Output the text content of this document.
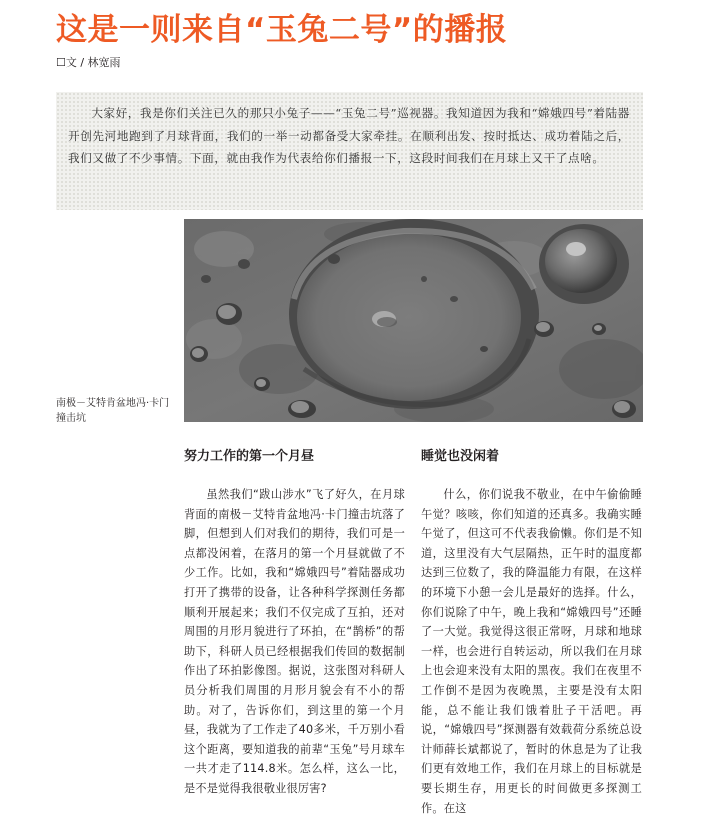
这是一则来自“玉兔二号”的播报
☐文 / 林宽雨

大家好，我是你们关注已久的那只小兔子——“玉兔二号”巡视器。我知道因为我和“嫦娥四号”着陆器开创先河地跑到了月球背面，我们的一举一动都备受大家牵挂。在顺利出发、按时抵达、成功着陆之后，我们又做了不少事情。下面，就由我作为代表给你们播报一下，这段时间我们在月球上又干了点啥。

南极－艾特肯盆地冯·卡门撞击坑
努力工作的第一个月昼	睡觉也没闲着

虽然我们“跋山涉水”飞了好久，在月球背面的南极－艾特肯盆地冯·卡门撞击坑落了脚，但想到人们对我们的期待，我们可是一点都没闲着，在落月的第一个月昼就做了不少工作。比如，我和“嫦娥四号”着陆器成功打开了携带的设备，让各种科学探测任务都顺利开展起来；我们不仅完成了互拍，还对周围的月形月貌进行了环拍，在“鹊桥”的帮助下，科研人员已经根据我们传回的数据制作出了环拍影像图。据说，这张图对科研人员分析我们周围的月形月貌会有不小的帮助。对了，告诉你们，到这里的第一个月昼，我就为了工作走了40多米，千万别小看这个距离，要知道我的前辈“玉兔”号月球车一共才走了114.8米。怎么样，这么一比，是不是觉得我很敬业很厉害?

什么，你们说我不敬业，在中午偷偷睡午觉？咳咳，你们知道的还真多。我确实睡午觉了，但这可不代表我偷懒。你们是不知道，这里没有大气层隔热，正午时的温度都达到三位数了，我的降温能力有限，在这样的环境下小憩一会儿是最好的选择。什么，你们说除了中午，晚上我和“嫦娥四号”还睡了一大觉。我觉得这很正常呀，月球和地球一样，也会进行自转运动，所以我们在月球上也会迎来没有太阳的黑夜。我们在夜里不工作倒不是因为夜晚黑，主要是没有太阳能，总不能让我们饿着肚子干活吧。再说，“嫦娥四号”探测器有效载荷分系统总设计师薛长斌都说了，暂时的休息是为了让我们更有效地工作，我们在月球上的目标就是要长期生存，用更长的时间做更多探测工作。在这
